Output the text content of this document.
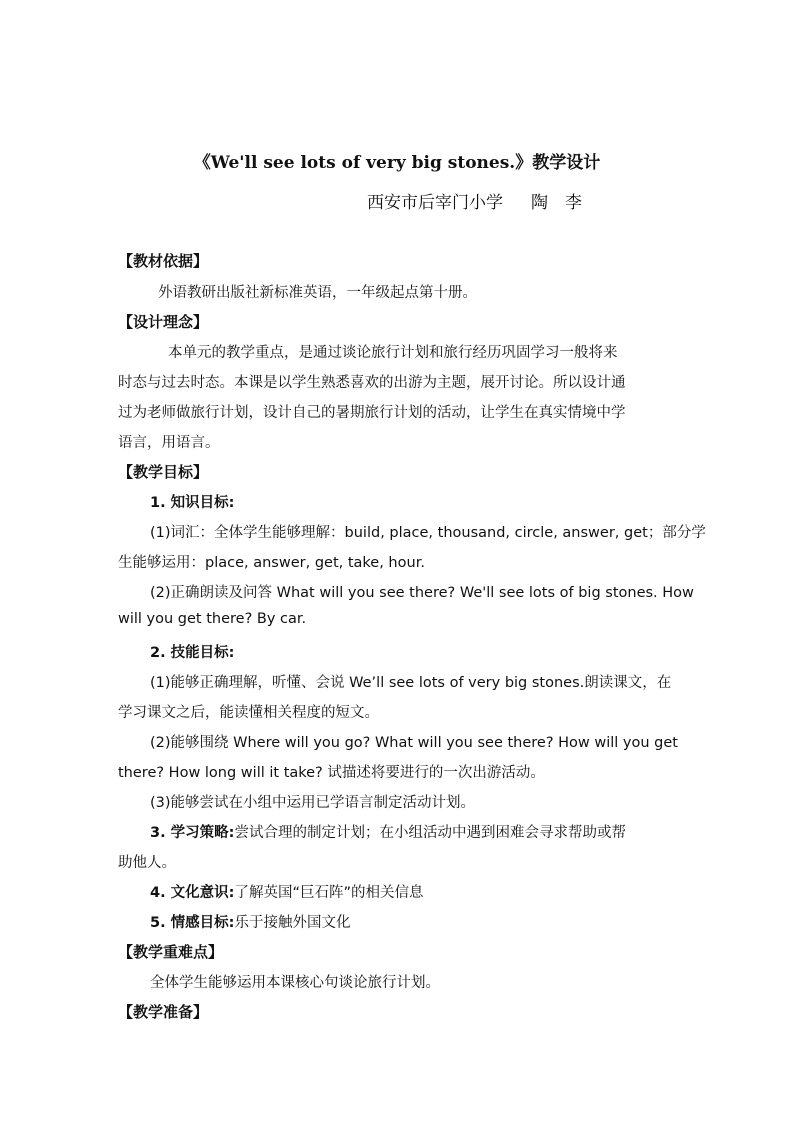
《We'll see lots of very big stones.》教学设计
西安市后宰门小学 陶　李
【教材依据】
外语教研出版社新标准英语，一年级起点第十册。
【设计理念】
本单元的教学重点，是通过谈论旅行计划和旅行经历巩固学习一般将来
时态与过去时态。本课是以学生熟悉喜欢的出游为主题，展开讨论。所以设计通
过为老师做旅行计划，设计自己的暑期旅行计划的活动，让学生在真实情境中学
语言，用语言。
【教学目标】
1. 知识目标:
(1)词汇：全体学生能够理解：build, place, thousand, circle, answer, get；部分学
生能够运用：place, answer, get, take, hour.
(2)正确朗读及问答 What will you see there? We'll see lots of big stones. How
will you get there? By car.
2. 技能目标:
(1)能够正确理解，听懂、会说 We’ll see lots of very big stones.朗读课文，在
学习课文之后，能读懂相关程度的短文。
(2)能够围绕 Where will you go? What will you see there? How will you get
there? How long will it take? 试描述将要进行的一次出游活动。
(3)能够尝试在小组中运用已学语言制定活动计划。
3. 学习策略:尝试合理的制定计划；在小组活动中遇到困难会寻求帮助或帮
助他人。
4. 文化意识:了解英国“巨石阵”的相关信息
5. 情感目标:乐于接触外国文化
【教学重难点】
全体学生能够运用本课核心句谈论旅行计划。
【教学准备】
